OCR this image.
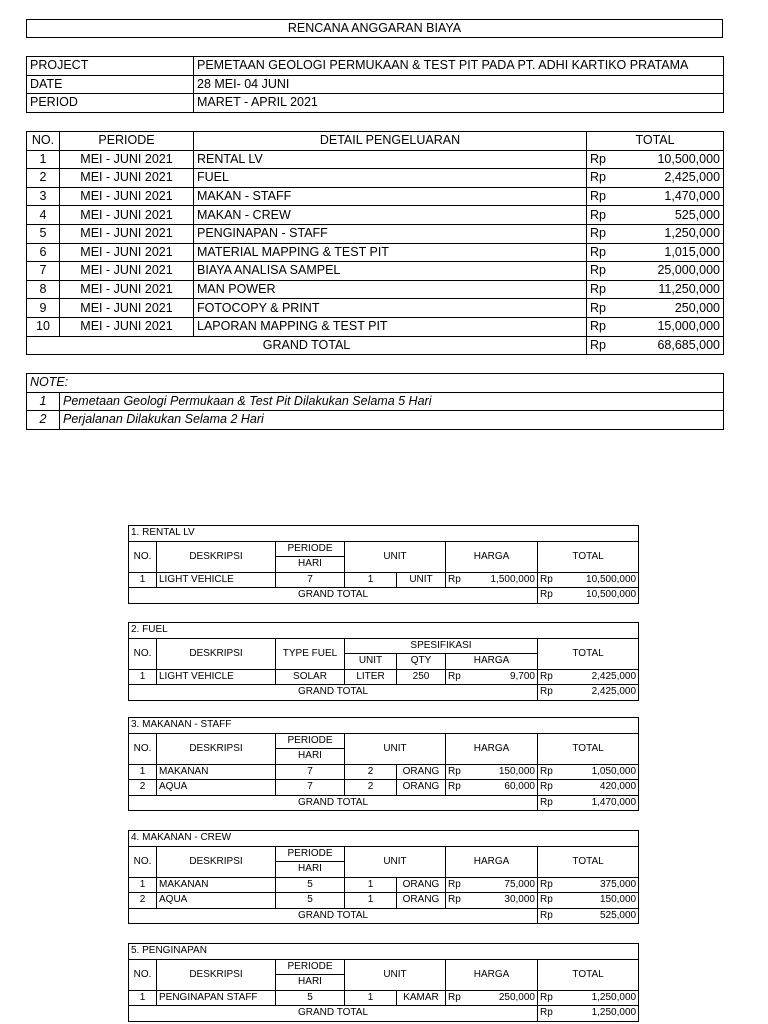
RENCANA ANGGARAN BIAYA
PROJECT	PEMETAAN GEOLOGI PERMUKAAN & TEST PIT PADA PT. ADHI KARTIKO PRATAMA
DATE	28 MEI- 04 JUNI
PERIOD	MARET - APRIL 2021
NO.	PERIODE	DETAIL PENGELUARAN	TOTAL	
1	MEI - JUNI 2021	RENTAL LV	Rp	10,500,000
2	MEI - JUNI 2021	FUEL	Rp	2,425,000
3	MEI - JUNI 2021	MAKAN - STAFF	Rp	1,470,000
4	MEI - JUNI 2021	MAKAN - CREW	Rp	525,000
5	MEI - JUNI 2021	PENGINAPAN - STAFF	Rp	1,250,000
6	MEI - JUNI 2021	MATERIAL MAPPING & TEST PIT	Rp	1,015,000
7	MEI - JUNI 2021	BIAYA ANALISA SAMPEL	Rp	25,000,000
8	MEI - JUNI 2021	MAN POWER	Rp	11,250,000
9	MEI - JUNI 2021	FOTOCOPY & PRINT	Rp	250,000
10	MEI - JUNI 2021	LAPORAN MAPPING & TEST PIT	Rp	15,000,000
GRAND TOTAL			Rp	68,685,000
NOTE:	
1	Pemetaan Geologi Permukaan & Test Pit Dilakukan Selama 5 Hari
2	Perjalanan Dilakukan Selama 2 Hari
1. RENTAL LV								
NO.	DESKRIPSI	PERIODE	UNIT		HARGA		TOTAL	
		HARI						
1	LIGHT VEHICLE	7	1	UNIT	Rp	1,500,000	Rp	10,500,000
GRAND TOTAL							Rp	10,500,000
2. FUEL								
NO.	DESKRIPSI	TYPE FUEL	SPESIFIKASI				TOTAL	
			UNIT	QTY	HARGA			
1	LIGHT VEHICLE	SOLAR	LITER	250	Rp	9,700	Rp	2,425,000
GRAND TOTAL							Rp	2,425,000
3. MAKANAN - STAFF								
NO.	DESKRIPSI	PERIODE	UNIT		HARGA		TOTAL	
		HARI						
1	MAKANAN	7	2	ORANG	Rp	150,000	Rp	1,050,000
2	AQUA	7	2	ORANG	Rp	60,000	Rp	420,000
GRAND TOTAL							Rp	1,470,000
4. MAKANAN - CREW								
NO.	DESKRIPSI	PERIODE	UNIT		HARGA		TOTAL	
		HARI						
1	MAKANAN	5	1	ORANG	Rp	75,000	Rp	375,000
2	AQUA	5	1	ORANG	Rp	30,000	Rp	150,000
GRAND TOTAL							Rp	525,000
5. PENGINAPAN								
NO.	DESKRIPSI	PERIODE	UNIT		HARGA		TOTAL	
		HARI						
1	PENGINAPAN STAFF	5	1	KAMAR	Rp	250,000	Rp	1,250,000
GRAND TOTAL							Rp	1,250,000
